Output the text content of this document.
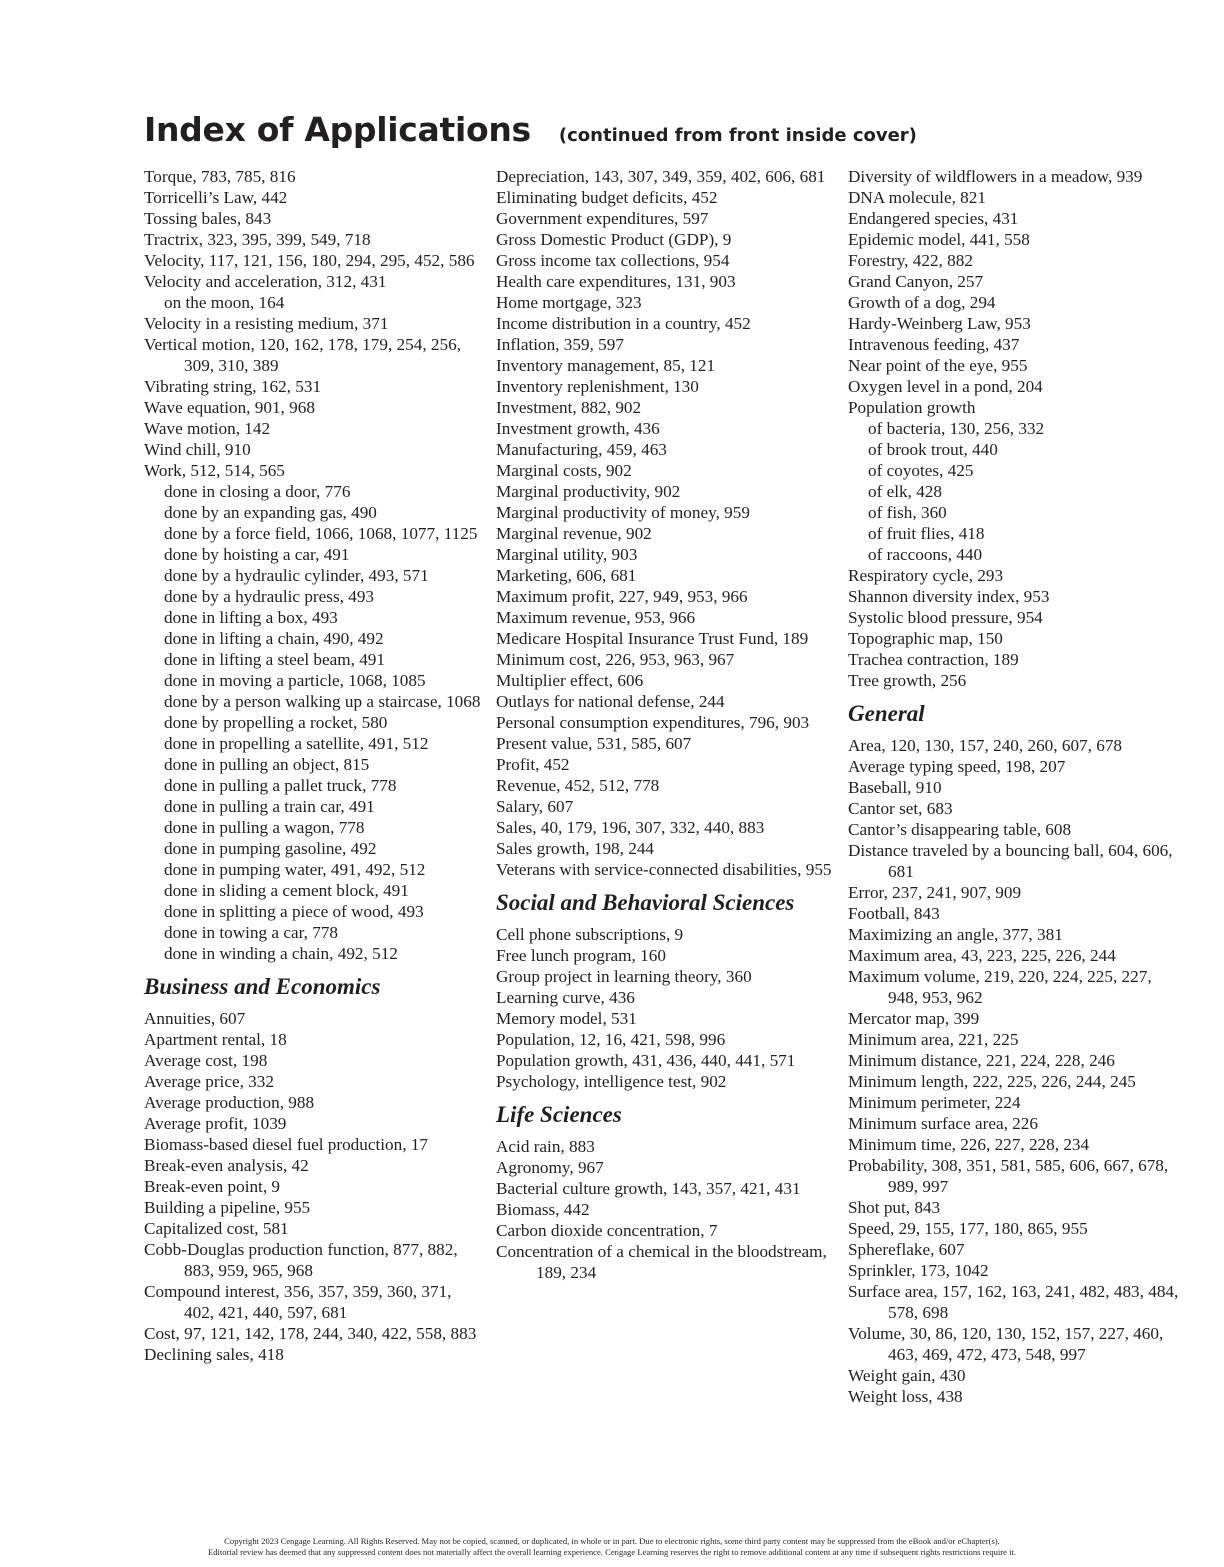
Index of Applications (continued from front inside cover)
Torque, 783, 785, 816
Torricelli’s Law, 442
Tossing bales, 843
Tractrix, 323, 395, 399, 549, 718
Velocity, 117, 121, 156, 180, 294, 295, 452, 586
Velocity and acceleration, 312, 431
on the moon, 164
Velocity in a resisting medium, 371
Vertical motion, 120, 162, 178, 179, 254, 256, 309, 310, 389
Vibrating string, 162, 531
Wave equation, 901, 968
Wave motion, 142
Wind chill, 910
Work, 512, 514, 565
done in closing a door, 776
done by an expanding gas, 490
done by a force field, 1066, 1068, 1077, 1125
done by hoisting a car, 491
done by a hydraulic cylinder, 493, 571
done by a hydraulic press, 493
done in lifting a box, 493
done in lifting a chain, 490, 492
done in lifting a steel beam, 491
done in moving a particle, 1068, 1085
done by a person walking up a staircase, 1068
done by propelling a rocket, 580
done in propelling a satellite, 491, 512
done in pulling an object, 815
done in pulling a pallet truck, 778
done in pulling a train car, 491
done in pulling a wagon, 778
done in pumping gasoline, 492
done in pumping water, 491, 492, 512
done in sliding a cement block, 491
done in splitting a piece of wood, 493
done in towing a car, 778
done in winding a chain, 492, 512
Business and Economics
Annuities, 607
Apartment rental, 18
Average cost, 198
Average price, 332
Average production, 988
Average profit, 1039
Biomass-based diesel fuel production, 17
Break-even analysis, 42
Break-even point, 9
Building a pipeline, 955
Capitalized cost, 581
Cobb-Douglas production function, 877, 882, 883, 959, 965, 968
Compound interest, 356, 357, 359, 360, 371, 402, 421, 440, 597, 681
Cost, 97, 121, 142, 178, 244, 340, 422, 558, 883
Declining sales, 418
Depreciation, 143, 307, 349, 359, 402, 606, 681
Eliminating budget deficits, 452
Government expenditures, 597
Gross Domestic Product (GDP), 9
Gross income tax collections, 954
Health care expenditures, 131, 903
Home mortgage, 323
Income distribution in a country, 452
Inflation, 359, 597
Inventory management, 85, 121
Inventory replenishment, 130
Investment, 882, 902
Investment growth, 436
Manufacturing, 459, 463
Marginal costs, 902
Marginal productivity, 902
Marginal productivity of money, 959
Marginal revenue, 902
Marginal utility, 903
Marketing, 606, 681
Maximum profit, 227, 949, 953, 966
Maximum revenue, 953, 966
Medicare Hospital Insurance Trust Fund, 189
Minimum cost, 226, 953, 963, 967
Multiplier effect, 606
Outlays for national defense, 244
Personal consumption expenditures, 796, 903
Present value, 531, 585, 607
Profit, 452
Revenue, 452, 512, 778
Salary, 607
Sales, 40, 179, 196, 307, 332, 440, 883
Sales growth, 198, 244
Veterans with service-connected disabilities, 955
Social and Behavioral Sciences
Cell phone subscriptions, 9
Free lunch program, 160
Group project in learning theory, 360
Learning curve, 436
Memory model, 531
Population, 12, 16, 421, 598, 996
Population growth, 431, 436, 440, 441, 571
Psychology, intelligence test, 902
Life Sciences
Acid rain, 883
Agronomy, 967
Bacterial culture growth, 143, 357, 421, 431
Biomass, 442
Carbon dioxide concentration, 7
Concentration of a chemical in the bloodstream, 189, 234
Diversity of wildflowers in a meadow, 939
DNA molecule, 821
Endangered species, 431
Epidemic model, 441, 558
Forestry, 422, 882
Grand Canyon, 257
Growth of a dog, 294
Hardy-Weinberg Law, 953
Intravenous feeding, 437
Near point of the eye, 955
Oxygen level in a pond, 204
Population growth
of bacteria, 130, 256, 332
of brook trout, 440
of coyotes, 425
of elk, 428
of fish, 360
of fruit flies, 418
of raccoons, 440
Respiratory cycle, 293
Shannon diversity index, 953
Systolic blood pressure, 954
Topographic map, 150
Trachea contraction, 189
Tree growth, 256
General
Area, 120, 130, 157, 240, 260, 607, 678
Average typing speed, 198, 207
Baseball, 910
Cantor set, 683
Cantor’s disappearing table, 608
Distance traveled by a bouncing ball, 604, 606, 681
Error, 237, 241, 907, 909
Football, 843
Maximizing an angle, 377, 381
Maximum area, 43, 223, 225, 226, 244
Maximum volume, 219, 220, 224, 225, 227, 948, 953, 962
Mercator map, 399
Minimum area, 221, 225
Minimum distance, 221, 224, 228, 246
Minimum length, 222, 225, 226, 244, 245
Minimum perimeter, 224
Minimum surface area, 226
Minimum time, 226, 227, 228, 234
Probability, 308, 351, 581, 585, 606, 667, 678, 989, 997
Shot put, 843
Speed, 29, 155, 177, 180, 865, 955
Sphereflake, 607
Sprinkler, 173, 1042
Surface area, 157, 162, 163, 241, 482, 483, 484, 578, 698
Volume, 30, 86, 120, 130, 152, 157, 227, 460, 463, 469, 472, 473, 548, 997
Weight gain, 430
Weight loss, 438
Copyright 2023 Cengage Learning. All Rights Reserved. May not be copied, scanned, or duplicated, in whole or in part. Due to electronic rights, some third party content may be suppressed from the eBook and/or eChapter(s).
Editorial review has deemed that any suppressed content does not materially affect the overall learning experience. Cengage Learning reserves the right to remove additional content at any time if subsequent rights restrictions require it.
